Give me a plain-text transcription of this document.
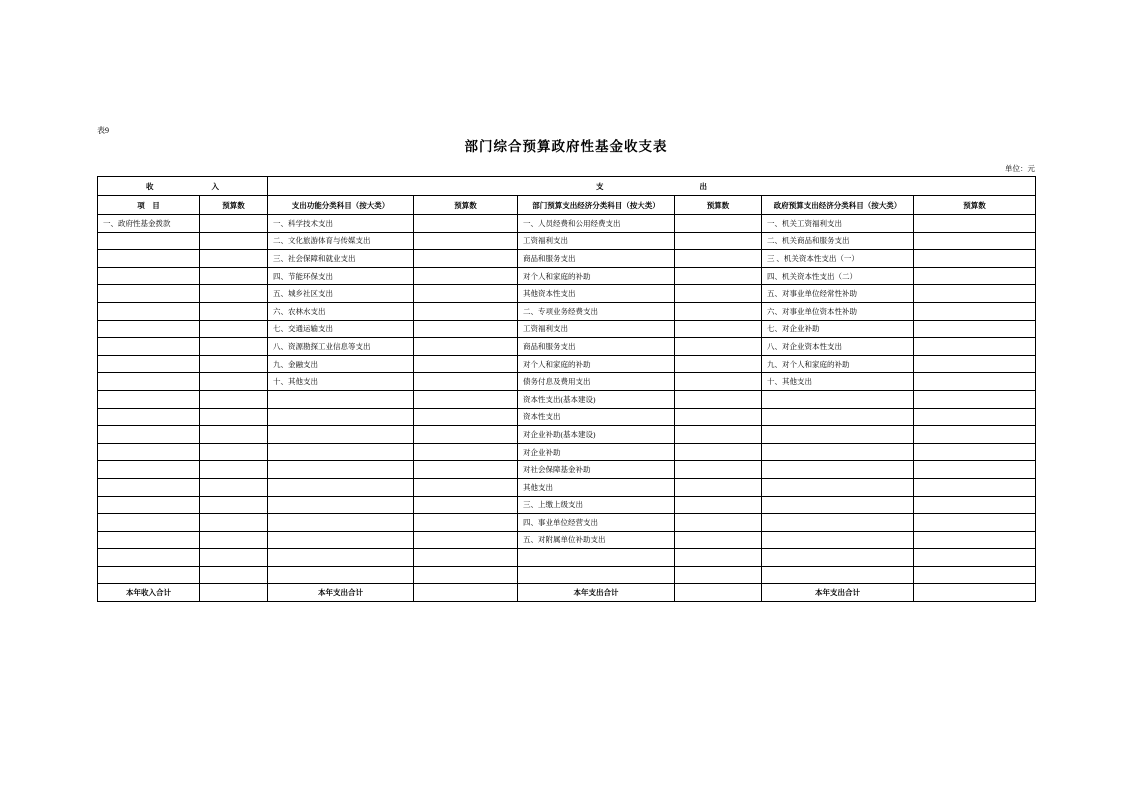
表9
部门综合预算政府性基金收支表
单位：元
收 入		支 出					

项　目	预算数	支出功能分类科目（按大类）	预算数	部门预算支出经济分类科目（按大类）	预算数	政府预算支出经济分类科目（按大类）	预算数
一、政府性基金拨款		一、科学技术支出		一、人员经费和公用经费支出		一、机关工资福利支出	
		二、文化旅游体育与传媒支出		工资福利支出		二、机关商品和服务支出	
		三、社会保障和就业支出		商品和服务支出		三 、机关资本性支出（一）	
		四、节能环保支出		对个人和家庭的补助		四、机关资本性支出（二）	
		五、城乡社区支出		其他资本性支出		五、对事业单位经常性补助	
		六、农林水支出		二、专项业务经费支出		六、对事业单位资本性补助	
		七、交通运输支出		工资福利支出		七、对企业补助	
		八、资源勘探工业信息等支出		商品和服务支出		八、对企业资本性支出	
		九、金融支出		对个人和家庭的补助		九、对个人和家庭的补助	
		十、其他支出		债务付息及费用支出		十、其他支出	
				资本性支出(基本建设)			
				资本性支出			
				对企业补助(基本建设)			
				对企业补助			
				对社会保障基金补助			
				其他支出			
				三、上缴上级支出			
				四、事业单位经营支出			
				五、对附属单位补助支出			

本年收入合计		本年支出合计		本年支出合计		本年支出合计	
